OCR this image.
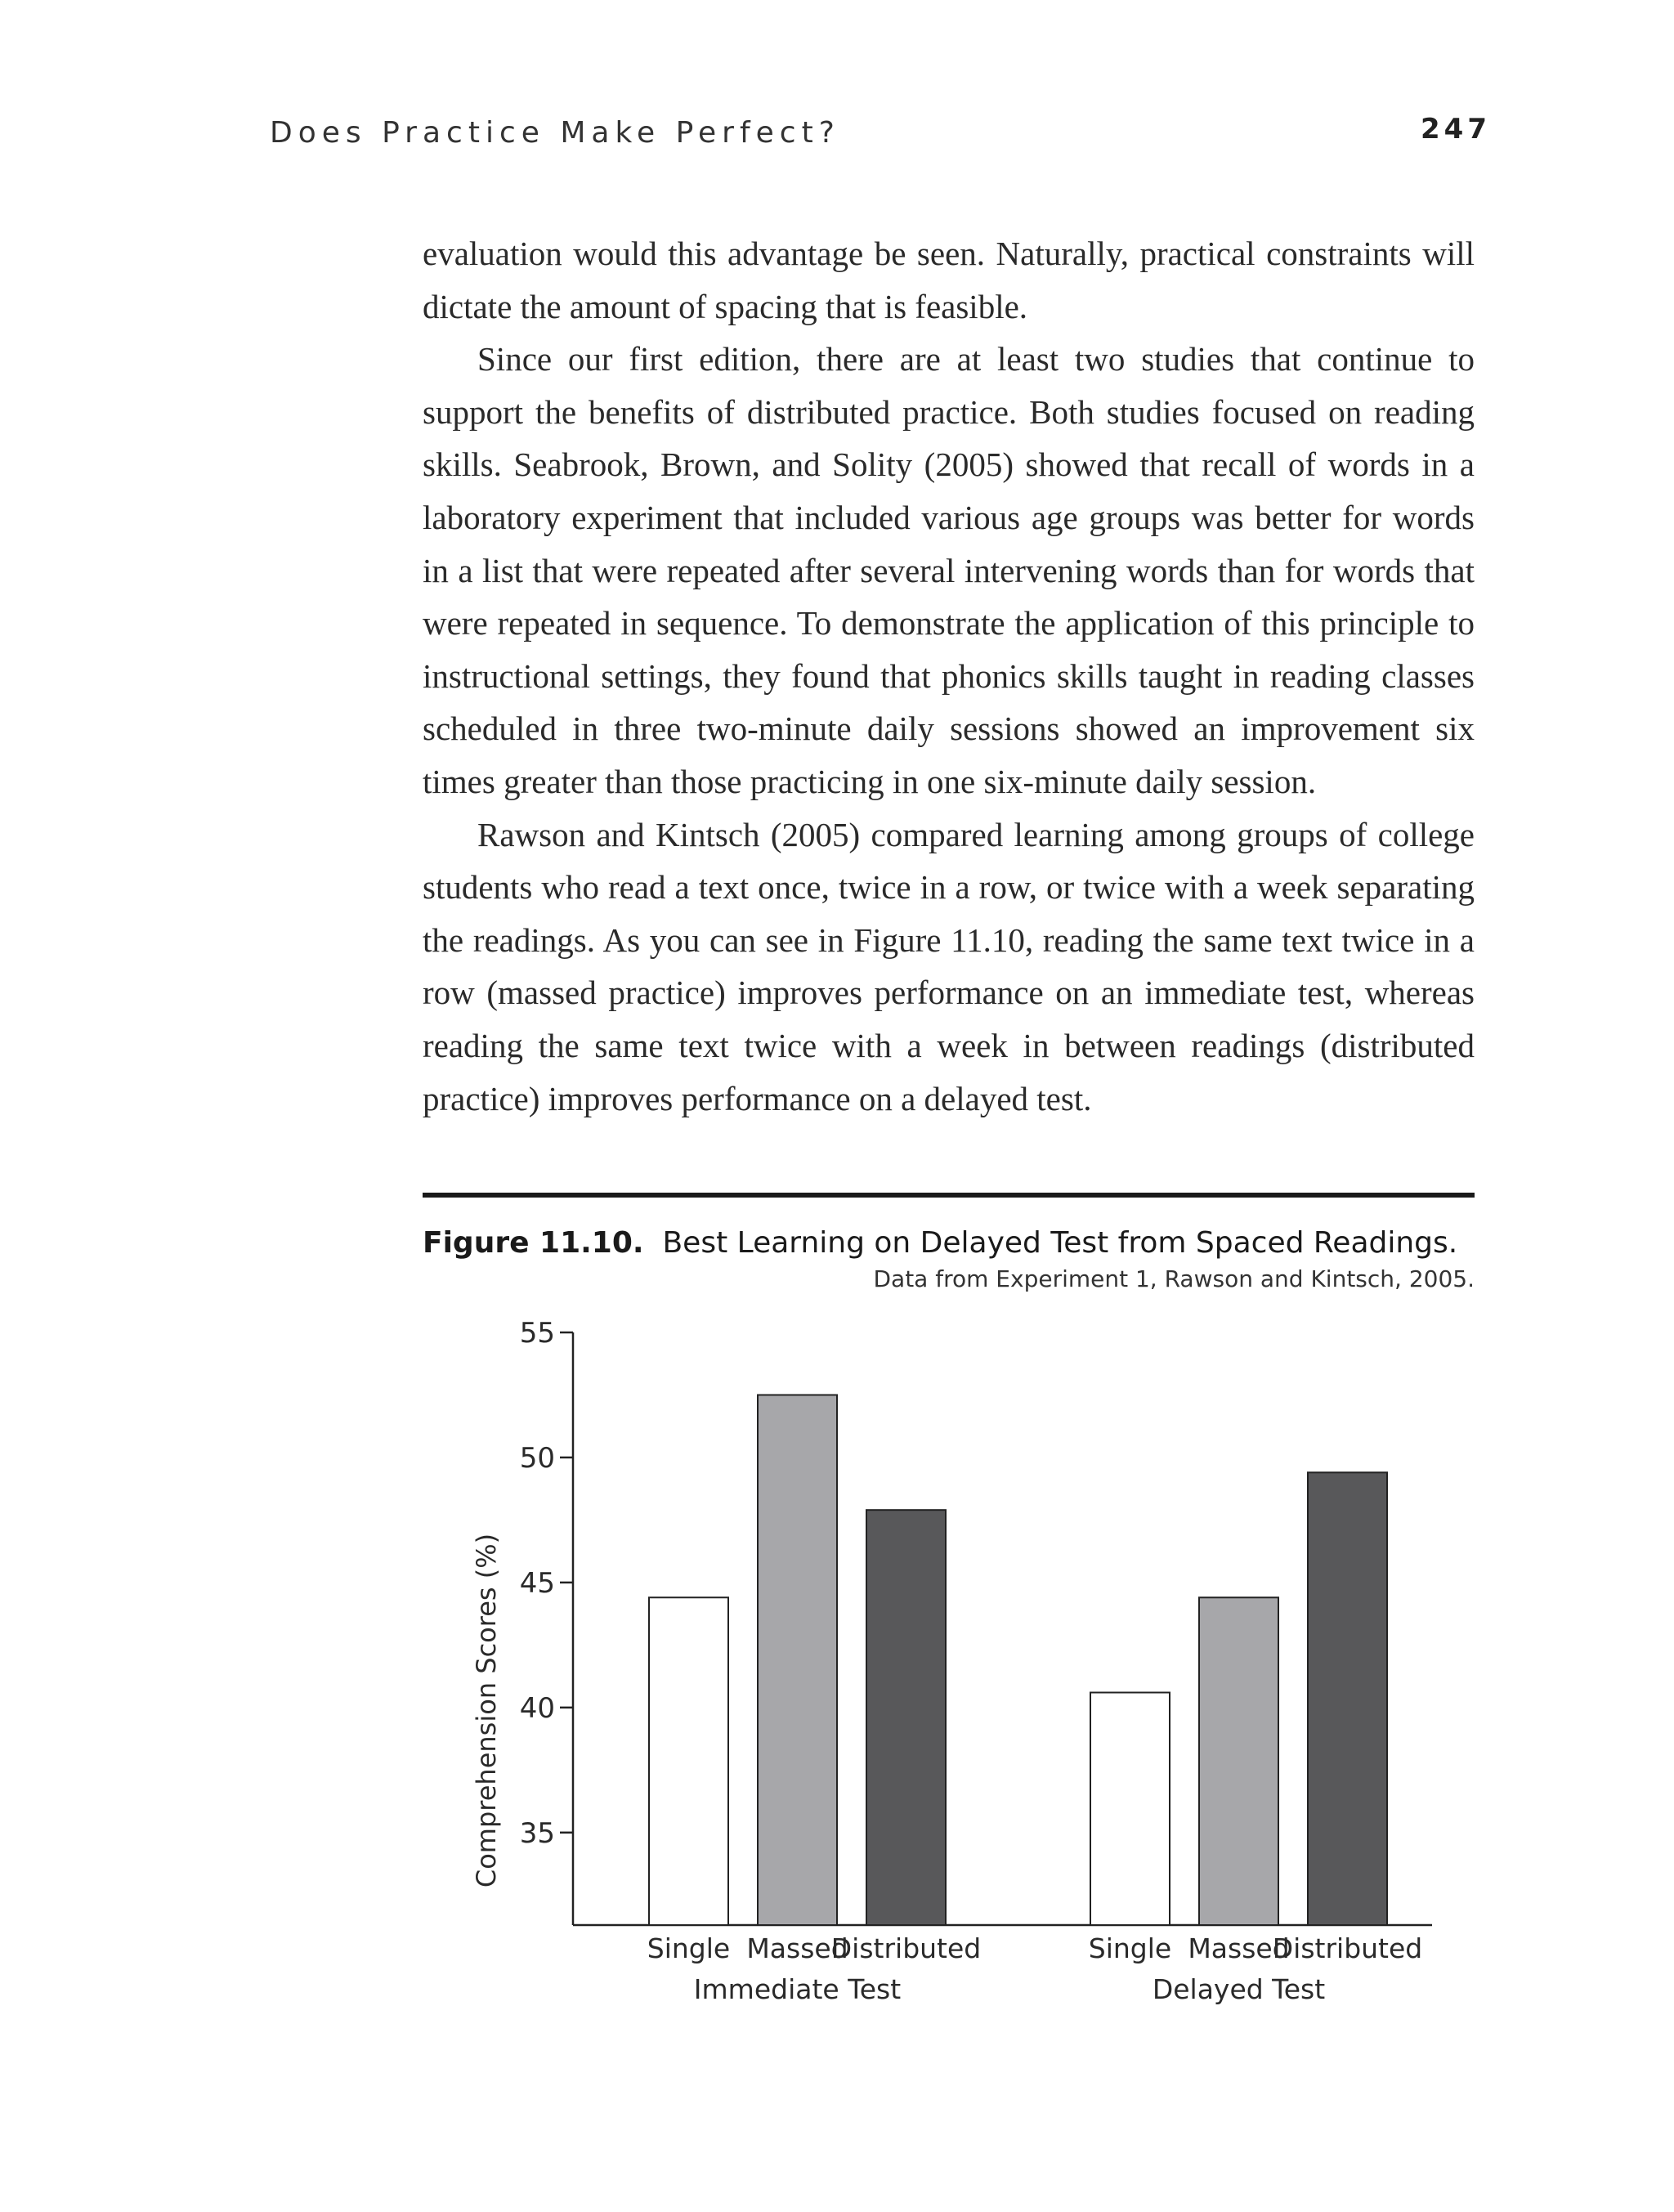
Does Practice Make Perfect?	247

evaluation would this advantage be seen. Naturally, practical constraints will dictate the amount of spacing that is feasible.

Since our first edition, there are at least two studies that continue to support the benefits of distributed practice. Both studies focused on reading skills. Seabrook, Brown, and Solity (2005) showed that recall of words in a laboratory experiment that included various age groups was better for words in a list that were repeated after several intervening words than for words that were repeated in sequence. To demonstrate the application of this principle to instructional settings, they found that phonics skills taught in reading classes scheduled in three two-minute daily sessions showed an improvement six times greater than those practicing in one six-minute daily session.

Rawson and Kintsch (2005) compared learning among groups of college students who read a text once, twice in a row, or twice with a week separating the readings. As you can see in Figure 11.10, reading the same text twice in a row (massed practice) improves performance on an immediate test, whereas reading the same text twice with a week in between readings (distributed practice) improves performance on a delayed test.

Figure 11.10. Best Learning on Delayed Test from Spaced Readings.
Data from Experiment 1, Rawson and Kintsch, 2005.
35
40
45
50
55
Comprehension Scores (%)
Single Massed
Distributed
Immediate Test
Single Massed
Distributed
Delayed Test
